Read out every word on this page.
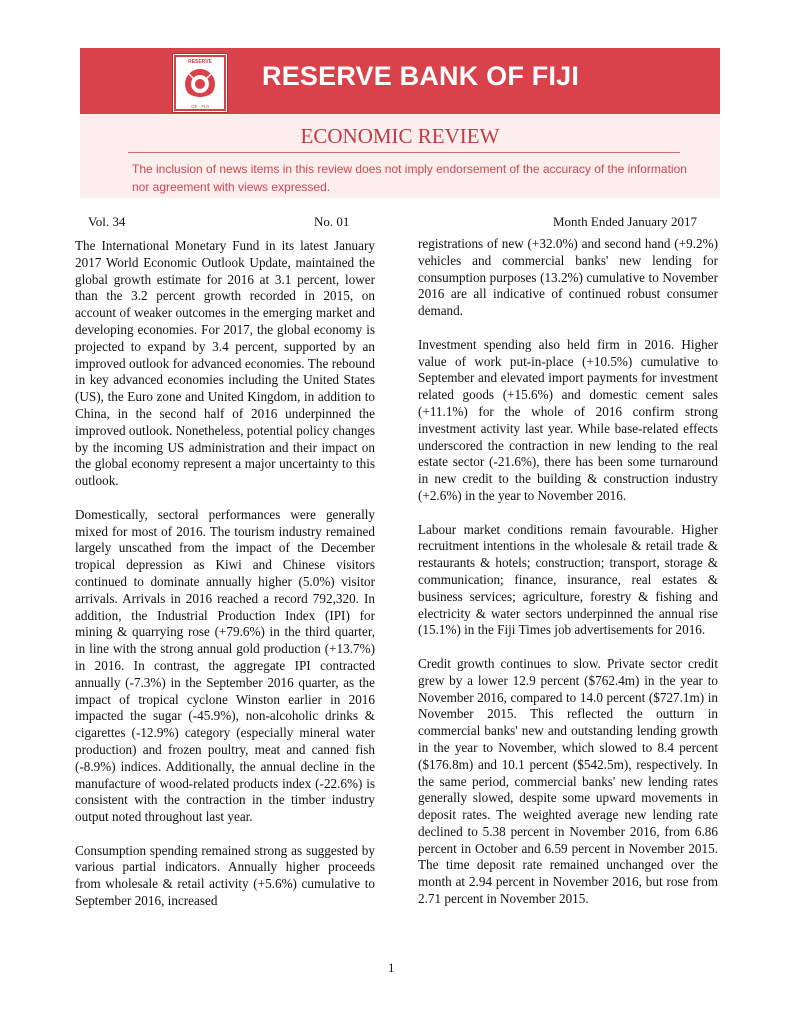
RESERVE
OF · FIJI
RESERVE BANK OF FIJI
ECONOMIC REVIEW
The inclusion of news items in this review does not imply endorsement of the accuracy of the information nor agreement with views expressed.
Vol. 34	No. 01	Month Ended January 2017

The International Monetary Fund in its latest January 2017 World Economic Outlook Update, maintained the global growth estimate for 2016 at 3.1 percent, lower than the 3.2 percent growth recorded in 2015, on account of weaker outcomes in the emerging market and developing economies. For 2017, the global economy is projected to expand by 3.4 percent, supported by an improved outlook for advanced economies. The rebound in key advanced economies including the United States (US), the Euro zone and United Kingdom, in addition to China, in the second half of 2016 underpinned the improved outlook. Nonetheless, potential policy changes by the incoming US administration and their impact on the global economy represent a major uncertainty to this outlook.

Domestically, sectoral performances were generally mixed for most of 2016. The tourism industry remained largely unscathed from the impact of the December tropical depression as Kiwi and Chinese visitors continued to dominate annually higher (5.0%) visitor arrivals. Arrivals in 2016 reached a record 792,320. In addition, the Industrial Production Index (IPI) for mining & quarrying rose (+79.6%) in the third quarter, in line with the strong annual gold production (+13.7%) in 2016. In contrast, the aggregate IPI contracted annually (-7.3%) in the September 2016 quarter, as the impact of tropical cyclone Winston earlier in 2016 impacted the sugar (-45.9%), non-alcoholic drinks & cigarettes (-12.9%) category (especially mineral water production) and frozen poultry, meat and canned fish (-8.9%) indices. Additionally, the annual decline in the manufacture of wood-related products index (-22.6%) is consistent with the contraction in the timber industry output noted throughout last year.

Consumption spending remained strong as suggested by various partial indicators. Annually higher proceeds from wholesale & retail activity (+5.6%) cumulative to September 2016, increased

registrations of new (+32.0%) and second hand (+9.2%) vehicles and commercial banks' new lending for consumption purposes (13.2%) cumulative to November 2016 are all indicative of continued robust consumer demand.

Investment spending also held firm in 2016. Higher value of work put-in-place (+10.5%) cumulative to September and elevated import payments for investment related goods (+15.6%) and domestic cement sales (+11.1%) for the whole of 2016 confirm strong investment activity last year. While base-related effects underscored the contraction in new lending to the real estate sector (-21.6%), there has been some turnaround in new credit to the building & construction industry (+2.6%) in the year to November 2016.

Labour market conditions remain favourable. Higher recruitment intentions in the wholesale & retail trade & restaurants & hotels; construction; transport, storage & communication; finance, insurance, real estates & business services; agriculture, forestry & fishing and electricity & water sectors underpinned the annual rise (15.1%) in the Fiji Times job advertisements for 2016.

Credit growth continues to slow. Private sector credit grew by a lower 12.9 percent ($762.4m) in the year to November 2016, compared to 14.0 percent ($727.1m) in November 2015. This reflected the outturn in commercial banks' new and outstanding lending growth in the year to November, which slowed to 8.4 percent ($176.8m) and 10.1 percent ($542.5m), respectively. In the same period, commercial banks' new lending rates generally slowed, despite some upward movements in deposit rates. The weighted average new lending rate declined to 5.38 percent in November 2016, from 6.86 percent in October and 6.59 percent in November 2015. The time deposit rate remained unchanged over the month at 2.94 percent in November 2016, but rose from 2.71 percent in November 2015.

1
